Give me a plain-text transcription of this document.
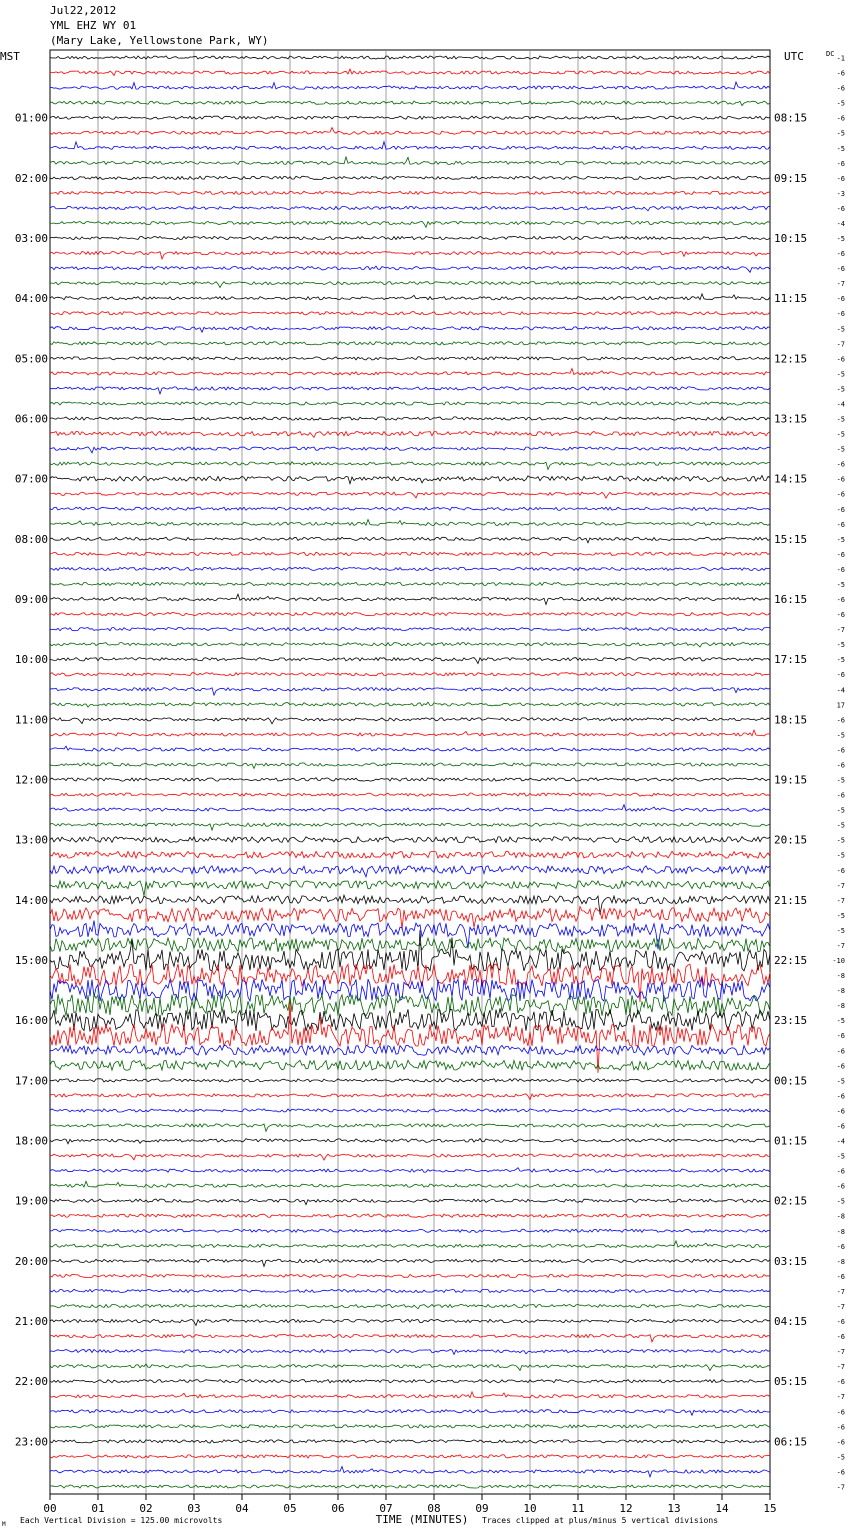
Jul22,2012
YML EHZ WY 01
(Mary Lake, Yellowstone Park, WY)
00	01	02	03	04	05	06	07	08	09	10	11	12	13	14	15
MST	UTC	DC
01:00	08:15
02:00	09:15
03:00	10:15
04:00	11:15
05:00	12:15
06:00	13:15
07:00	14:15
08:00	15:15
09:00	16:15
10:00	17:15
11:00	18:15
12:00	19:15
13:00	20:15
14:00	21:15
15:00	22:15
16:00	23:15
17:00	00:15
18:00	01:15
19:00	02:15
20:00	03:15
21:00	04:15
22:00	05:15
23:00	06:15
-1
-6
-6
-5
-6
-5
-5
-6
-6
-3
-6
-4
-5
-6
-6
-7
-6
-6
-5
-7
-6
-5
-5
-4
-5
-5
-5
-6
-6
-6
-6
-6
-5
-6
-6
-5
-6
-6
-7
-5
-5
-6
-4
17
-6
-5
-6
-6
-5
-6
-5
-5
-5
-5
-6
-7
-7
-5
-5
-7
-10
-8
-8
-8
-5
-6
-6
-6
-5
-6
-6
-6
-4
-5
-6
-6
-5
-8
-8
-6
-8
-6
-7
-7
-6
-6
-7
-7
-6
-7
-6
-6
-6
-5
-6
-7
TIME (MINUTES)
Each Vertical Division = 125.00 microvolts	Traces clipped at plus/minus 5 vertical divisions
M
